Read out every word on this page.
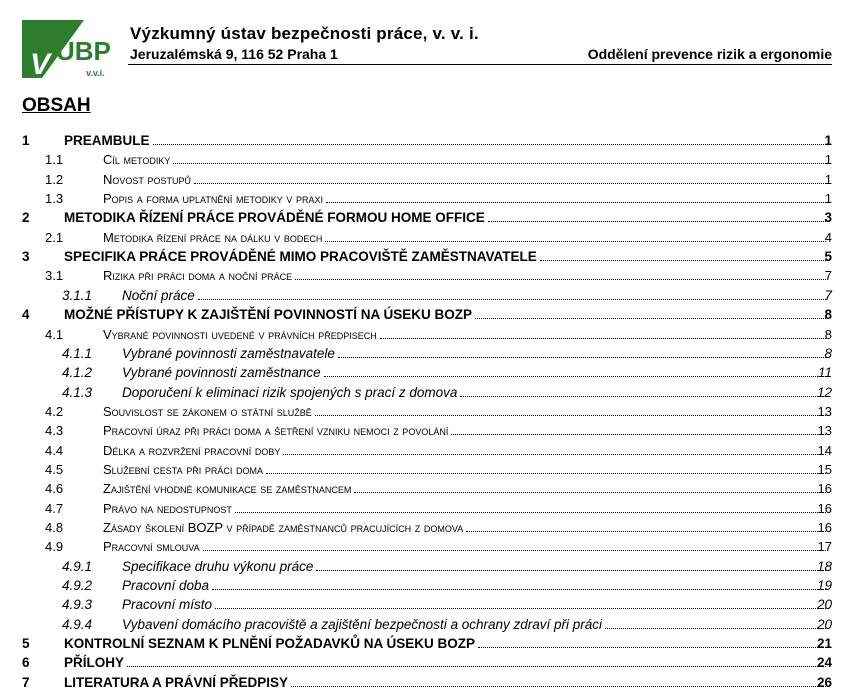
V ÚBP
v.v.i.
Výzkumný ústav bezpečnosti práce, v. v. i.
Jeruzalémská 9, 116 52 Praha 1	Oddělení prevence rizik a ergonomie
OBSAH
1	PREAMBULE	1
1.1	Cíl metodiky	1
1.2	Novost postupů	1
1.3	Popis a forma uplatnění metodiky v praxi	1
2	METODIKA ŘÍZENÍ PRÁCE PROVÁDĚNÉ FORMOU HOME OFFICE	3
2.1	Metodika řízení práce na dálku v bodech	4
3	SPECIFIKA PRÁCE PROVÁDĚNÉ MIMO PRACOVIŠTĚ ZAMĚSTNAVATELE	5
3.1	Rizika při práci doma a noční práce	7
3.1.1 Noční práce	7
4	MOŽNÉ PŘÍSTUPY K ZAJIŠTĚNÍ POVINNOSTÍ NA ÚSEKU BOZP	8
4.1	Vybrané povinnosti uvedené v právních předpisech	8
4.1.1 Vybrané povinnosti zaměstnavatele	8
4.1.2 Vybrané povinnosti zaměstnance	11
4.1.3 Doporučení k eliminaci rizik spojených s prací z domova	12
4.2	Souvislost se zákonem o státní službě	13
4.3	Pracovní úraz při práci doma a šetření vzniku nemoci z povolání	13
4.4	Délka a rozvržení pracovní doby	14
4.5	Služební cesta při práci doma	15
4.6	Zajištění vhodné komunikace se zaměstnancem	16
4.7	Právo na nedostupnost	16
4.8	Zásady školení BOZP v případě zaměstnanců pracujících z domova	16
4.9	Pracovní smlouva	17
4.9.1 Specifikace druhu výkonu práce	18
4.9.2 Pracovní doba	19
4.9.3 Pracovní místo	20
4.9.4 Vybavení domácího pracoviště a zajištění bezpečnosti a ochrany zdraví při práci	20
5	KONTROLNÍ SEZNAM K PLNĚNÍ POŽADAVKŮ NA ÚSEKU BOZP	21
6	PŘÍLOHY	24
7	LITERATURA A PRÁVNÍ PŘEDPISY	26
